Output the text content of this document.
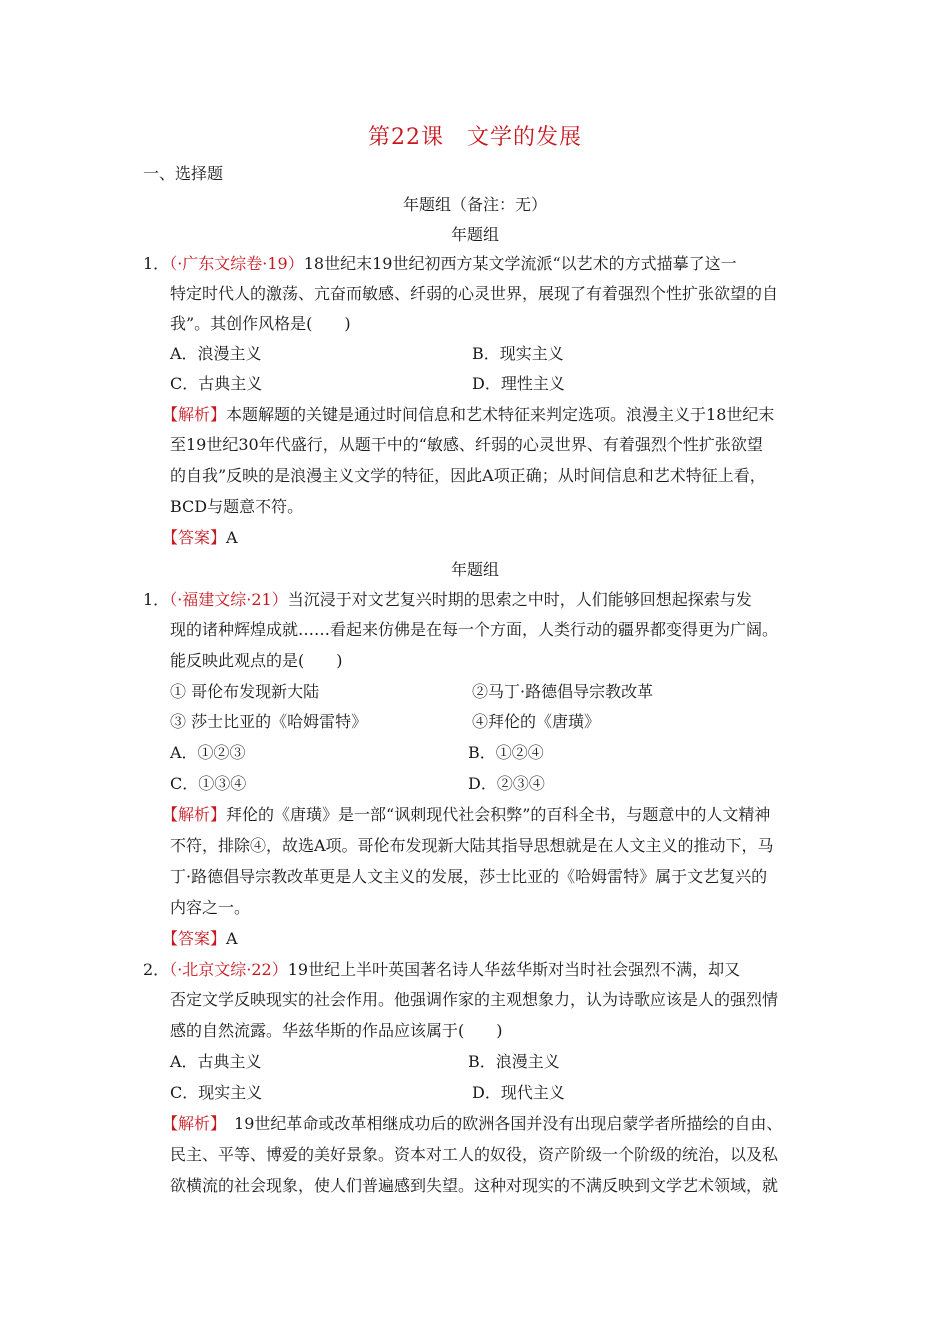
第22课　文学的发展
一、选择题
年题组（备注：无）
年题组
1．（·广东文综卷·19）18世纪末19世纪初西方某文学流派“以艺术的方式描摹了这一
特定时代人的激荡、亢奋而敏感、纤弱的心灵世界，展现了有着强烈个性扩张欲望的自
我”。其创作风格是(　　)
A．浪漫主义	B．现实主义
C．古典主义	D．理性主义
【解析】本题解题的关键是通过时间信息和艺术特征来判定选项。浪漫主义于18世纪末
至19世纪30年代盛行，从题干中的“敏感、纤弱的心灵世界、有着强烈个性扩张欲望
的自我”反映的是浪漫主义文学的特征，因此A项正确；从时间信息和艺术特征上看，
BCD与题意不符。
【答案】A
年题组
1．（·福建文综·21）当沉浸于对文艺复兴时期的思索之中时，人们能够回想起探索与发
现的诸种辉煌成就……看起来仿佛是在每一个方面，人类行动的疆界都变得更为广阔。
能反映此观点的是(　　)
① 哥伦布发现新大陆	②马丁·路德倡导宗教改革
③ 莎士比亚的《哈姆雷特》	④拜伦的《唐璜》
A．①②③	B．①②④
C．①③④	D．②③④
【解析】拜伦的《唐璜》是一部“讽刺现代社会积弊”的百科全书，与题意中的人文精神
不符，排除④，故选A项。哥伦布发现新大陆其指导思想就是在人文主义的推动下，马
丁·路德倡导宗教改革更是人文主义的发展，莎士比亚的《哈姆雷特》属于文艺复兴的
内容之一。
【答案】A
2．（·北京文综·22）19世纪上半叶英国著名诗人华兹华斯对当时社会强烈不满，却又
否定文学反映现实的社会作用。他强调作家的主观想象力，认为诗歌应该是人的强烈情
感的自然流露。华兹华斯的作品应该属于(　　)
A．古典主义	B．浪漫主义
C．现实主义	D．现代主义
【解析】　19世纪革命或改革相继成功后的欧洲各国并没有出现启蒙学者所描绘的自由、
民主、平等、博爱的美好景象。资本对工人的奴役，资产阶级一个阶级的统治，以及私
欲横流的社会现象，使人们普遍感到失望。这种对现实的不满反映到文学艺术领域，就
